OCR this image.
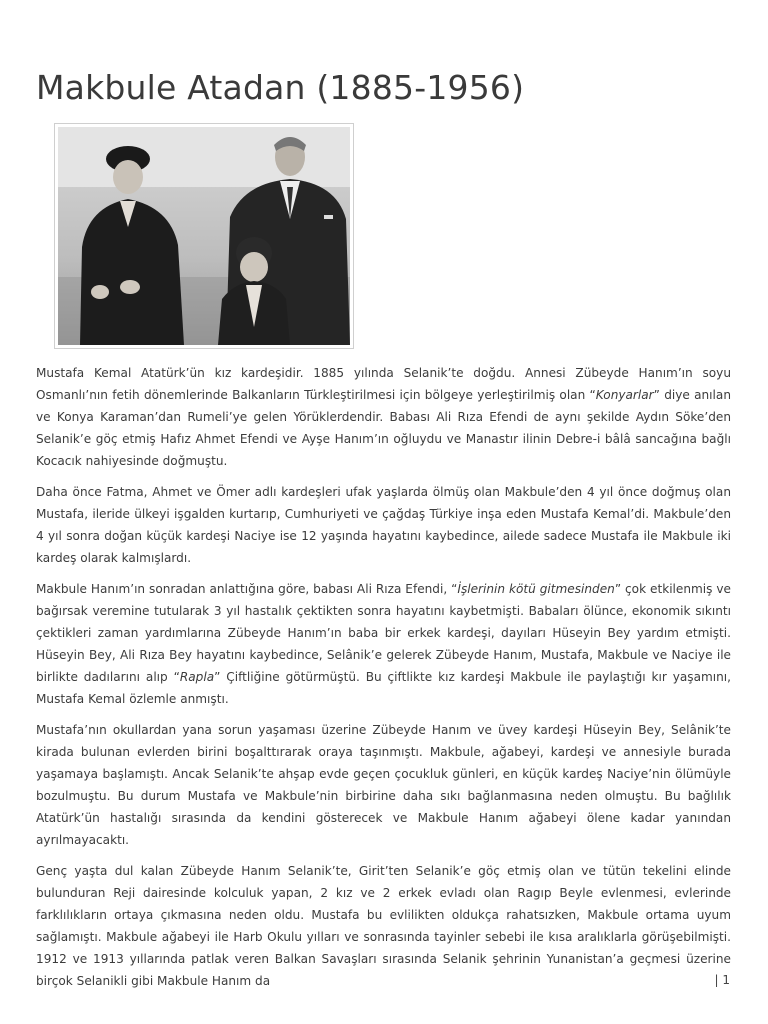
Makbule Atadan (1885-1956)

Mustafa Kemal Atatürk’ün kız kardeşidir. 1885 yılında Selanik’te doğdu. Annesi Zübeyde Hanım’ın soyu Osmanlı’nın fetih dönemlerinde Balkanların Türkleştirilmesi için bölgeye yerleştirilmiş olan “Konyarlar” diye anılan ve Konya Karaman’dan Rumeli’ye gelen Yörüklerdendir. Babası Ali Rıza Efendi de aynı şekilde Aydın Söke’den Selanik’e göç etmiş Hafız Ahmet Efendi ve Ayşe Hanım’ın oğluydu ve Manastır ilinin Debre-i bâlâ sancağına bağlı Kocacık nahiyesinde doğmuştu.

Daha önce Fatma, Ahmet ve Ömer adlı kardeşleri ufak yaşlarda ölmüş olan Makbule’den 4 yıl önce doğmuş olan Mustafa, ileride ülkeyi işgalden kurtarıp, Cumhuriyeti ve çağdaş Türkiye inşa eden Mustafa Kemal’di. Makbule’den 4 yıl sonra doğan küçük kardeşi Naciye ise 12 yaşında hayatını kaybedince, ailede sadece Mustafa ile Makbule iki kardeş olarak kalmışlardı.

Makbule Hanım’ın sonradan anlattığına göre, babası Ali Rıza Efendi, “İşlerinin kötü gitmesinden” çok etkilenmiş ve bağırsak veremine tutularak 3 yıl hastalık çektikten sonra hayatını kaybetmişti. Babaları ölünce, ekonomik sıkıntı çektikleri zaman yardımlarına Zübeyde Hanım’ın baba bir erkek kardeşi, dayıları Hüseyin Bey yardım etmişti. Hüseyin Bey, Ali Rıza Bey hayatını kaybedince, Selânik’e gelerek Zübeyde Hanım, Mustafa, Makbule ve Naciye ile birlikte dadılarını alıp “Rapla” Çiftliğine götürmüştü. Bu çiftlikte kız kardeşi Makbule ile paylaştığı kır yaşamını, Mustafa Kemal özlemle anmıştı.

Mustafa’nın okullardan yana sorun yaşaması üzerine Zübeyde Hanım ve üvey kardeşi Hüseyin Bey, Selânik’te kirada bulunan evlerden birini boşalttırarak oraya taşınmıştı. Makbule, ağabeyi, kardeşi ve annesiyle burada yaşamaya başlamıştı. Ancak Selanik’te ahşap evde geçen çocukluk günleri, en küçük kardeş Naciye’nin ölümüyle bozulmuştu. Bu durum Mustafa ve Makbule’nin birbirine daha sıkı bağlanmasına neden olmuştu. Bu bağlılık Atatürk’ün hastalığı sırasında da kendini gösterecek ve Makbule Hanım ağabeyi ölene kadar yanından ayrılmayacaktı.

Genç yaşta dul kalan Zübeyde Hanım Selanik’te, Girit’ten Selanik’e göç etmiş olan ve tütün tekelini elinde bulunduran Reji dairesinde kolculuk yapan, 2 kız ve 2 erkek evladı olan Ragıp Beyle evlenmesi, evlerinde farklılıkların ortaya çıkmasına neden oldu. Mustafa bu evlilikten oldukça rahatsızken, Makbule ortama uyum sağlamıştı. Makbule ağabeyi ile Harb Okulu yılları ve sonrasında tayinler sebebi ile kısa aralıklarla görüşebilmişti. 1912 ve 1913 yıllarında patlak veren Balkan Savaşları sırasında Selanik şehrinin Yunanistan’a geçmesi üzerine birçok Selanikli gibi Makbule Hanım da	| 1
